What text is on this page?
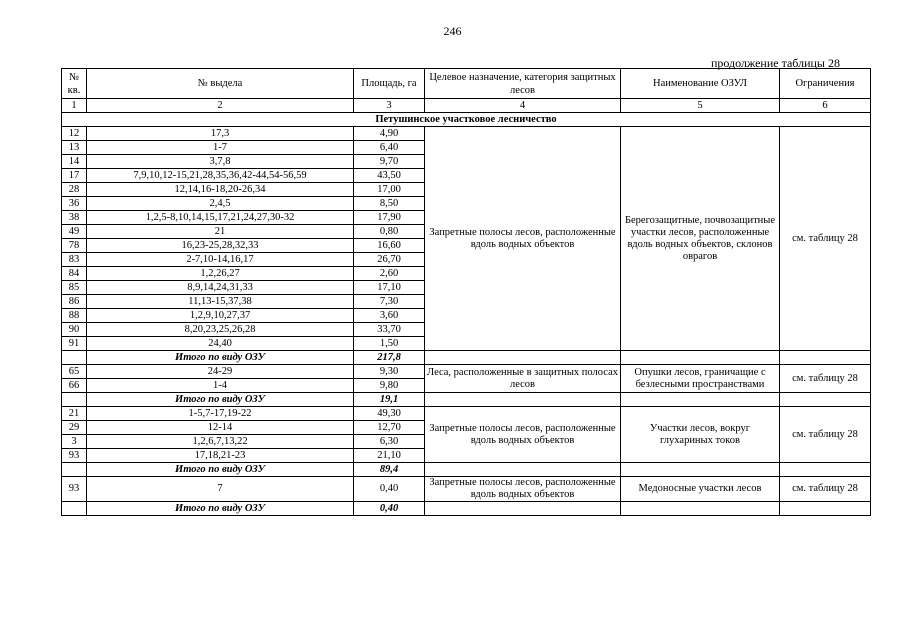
246
продолжение таблицы 28
№ кв.	№ выдела	Площадь, га	Целевое назначение, категория защитных лесов	Наименование ОЗУЛ	Ограничения
1	2	3	4	5	6
Петушинское участковое лесничество					
12	17,3	4,90	Запретные полосы лесов, расположенные вдоль водных объектов	Берегозащитные, почвозащитные участки лесов, расположенные вдоль водных объектов, склонов оврагов	см. таблицу 28
13	1-7	6,40			
14	3,7,8	9,70			
17	7,9,10,12-15,21,28,35,36,42-44,54-56,59	43,50			
28	12,14,16-18,20-26,34	17,00			
36	2,4,5	8,50			
38	1,2,5-8,10,14,15,17,21,24,27,30-32	17,90			
49	21	0,80			
78	16,23-25,28,32,33	16,60			
83	2-7,10-14,16,17	26,70			
84	1,2,26,27	2,60			
85	8,9,14,24,31,33	17,10			
86	11,13-15,37,38	7,30			
88	1,2,9,10,27,37	3,60			
90	8,20,23,25,26,28	33,70			
91	24,40	1,50			
	Итого по виду ОЗУ	217,8			
65	24-29	9,30	Леса, расположенные в защитных полосах лесов	Опушки лесов, граничащие с безлесными пространствами	см. таблицу 28
66	1-4	9,80			
	Итого по виду ОЗУ	19,1			
21	1-5,7-17,19-22	49,30	Запретные полосы лесов, расположенные вдоль водных объектов	Участки лесов, вокруг глухариных токов	см. таблицу 28
29	12-14	12,70			
3	1,2,6,7,13,22	6,30			
93	17,18,21-23	21,10			
	Итого по виду ОЗУ	89,4			
93	7	0,40	Запретные полосы лесов, расположенные вдоль водных объектов	Медоносные участки лесов	см. таблицу 28
	Итого по виду ОЗУ	0,40			
